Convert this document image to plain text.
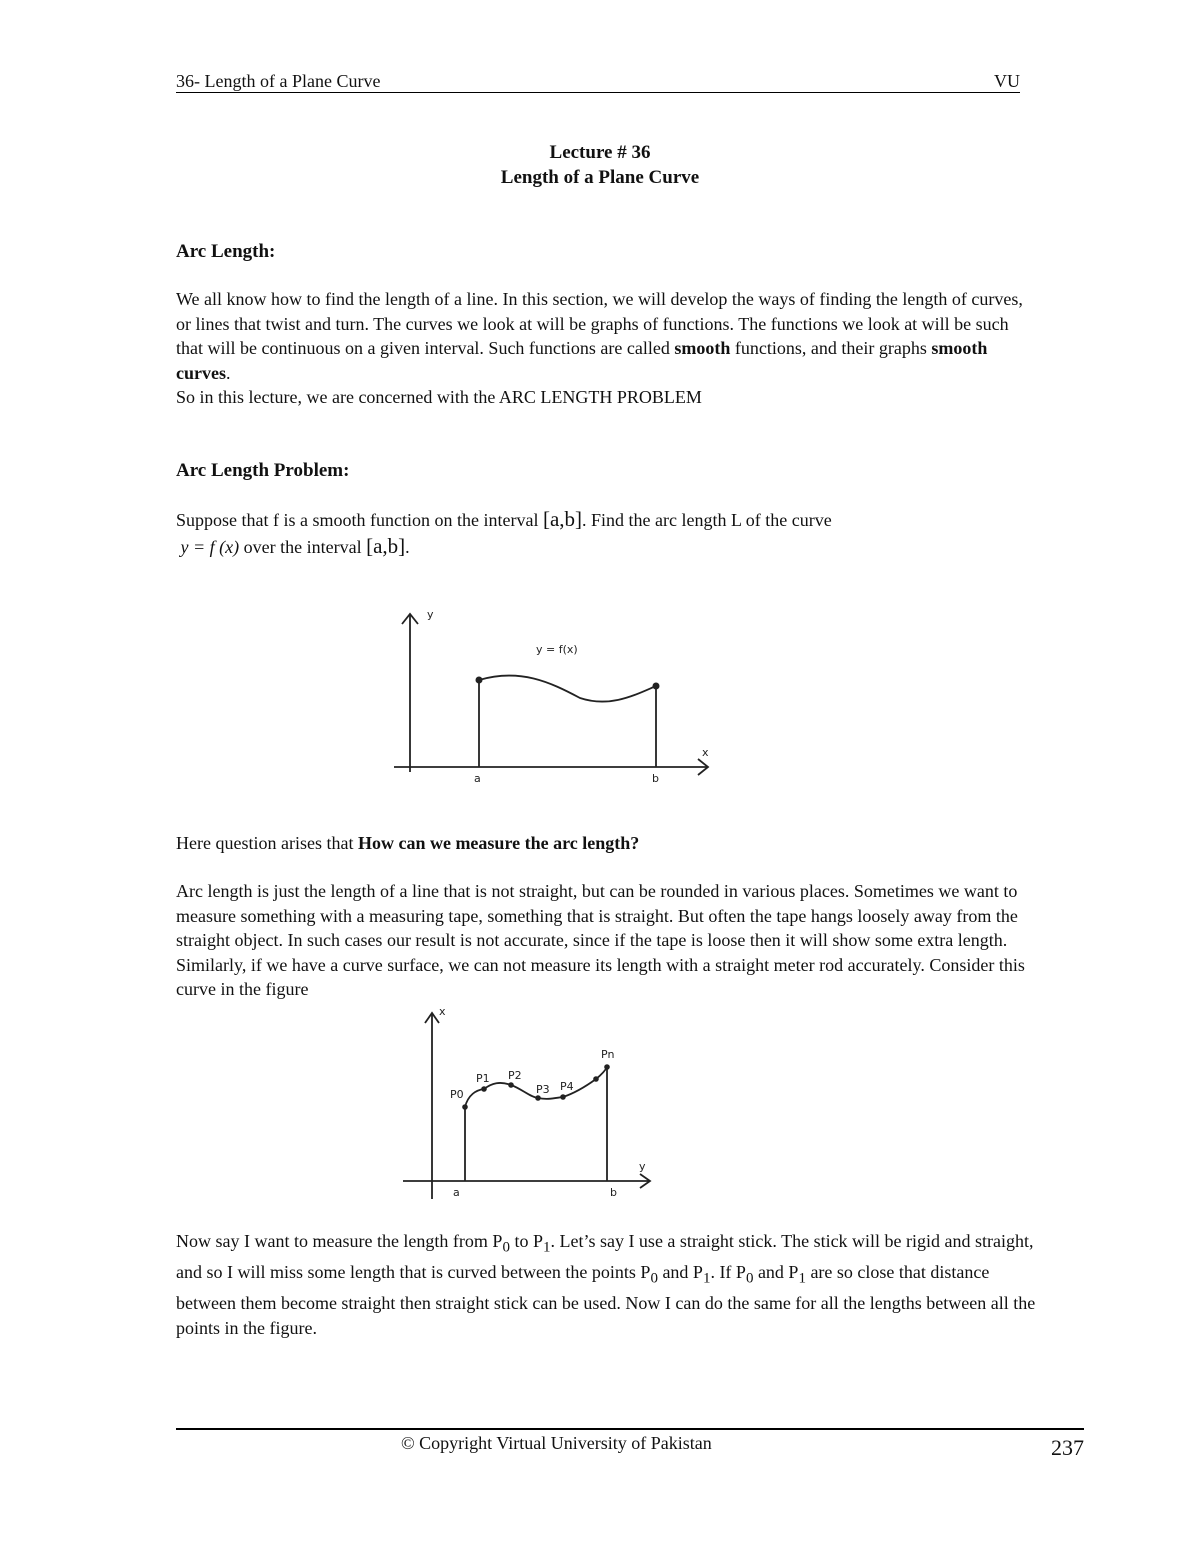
36- Length of a Plane Curve	VU
Lecture # 36
Length of a Plane Curve
Arc Length:

We all know how to find the length of a line. In this section, we will develop the ways of finding the length of curves, or lines that twist and turn. The curves we look at will be graphs of functions. The functions we look at will be such that will be continuous on a given interval. Such functions are called smooth functions, and their graphs smooth curves.

So in this lecture, we are concerned with the ARC LENGTH PROBLEM

Arc Length Problem:

Suppose that f is a smooth function on the interval [a,b]. Find the arc length L of the curve

y = f (x) over the interval [a,b].

y
x
y = f(x)
a	b

Here question arises that How can we measure the arc length?

Arc length is just the length of a line that is not straight, but can be rounded in various places. Sometimes we want to measure something with a measuring tape, something that is straight. But often the tape hangs loosely away from the straight object. In such cases our result is not accurate, since if the tape is loose then it will show some extra length. Similarly, if we have a curve surface, we can not measure its length with a straight meter rod accurately. Consider this curve in the figure
x
y
a	b
P0
P1 P2
P3 P4
Pn

Now say I want to measure the length from $P_0$ to $P_1$. Let’s say I use a straight stick. The stick will be rigid and straight, and so I will miss some length that is curved between the points $P_0$ and $P_1$. If $P_0$ and $P_1$ are so close that distance between them become straight then straight stick can be used. Now I can do the same for all the lengths between all the points in the figure.

© Copyright Virtual University of Pakistan	237
